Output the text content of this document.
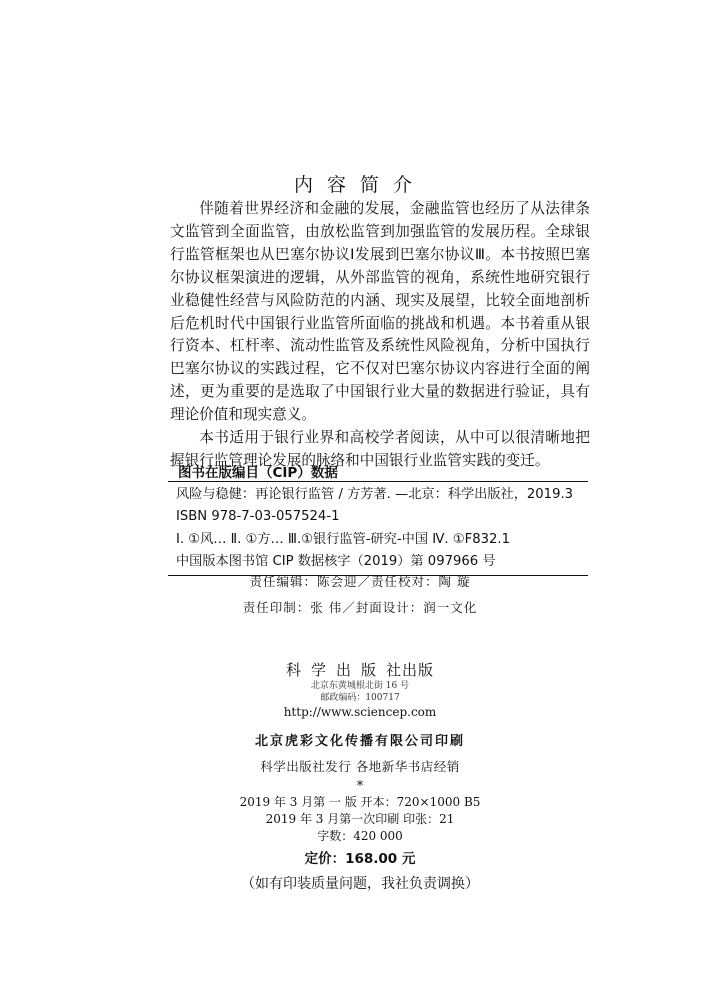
内容简介

伴随着世界经济和金融的发展，金融监管也经历了从法律条文监管到全面监管，由放松监管到加强监管的发展历程。全球银行监管框架也从巴塞尔协议Ⅰ发展到巴塞尔协议Ⅲ。本书按照巴塞尔协议框架演进的逻辑，从外部监管的视角，系统性地研究银行业稳健性经营与风险防范的内涵、现实及展望，比较全面地剖析后危机时代中国银行业监管所面临的挑战和机遇。本书着重从银行资本、杠杆率、流动性监管及系统性风险视角，分析中国执行巴塞尔协议的实践过程，它不仅对巴塞尔协议内容进行全面的阐述，更为重要的是选取了中国银行业大量的数据进行验证，具有理论价值和现实意义。

本书适用于银行业界和高校学者阅读，从中可以很清晰地把握银行监管理论发展的脉络和中国银行业监管实践的变迁。

图书在版编目（CIP）数据
风险与稳健：再论银行监管 / 方芳著. —北京：科学出版社，2019.3
ISBN 978-7-03-057524-1
Ⅰ. ①风… Ⅱ. ①方… Ⅲ.①银行监管-研究-中国 Ⅳ. ①F832.1
中国版本图书馆 CIP 数据核字（2019）第 097966 号
责任编辑：陈会迎／责任校对：陶 璇
责任印制：张 伟／封面设计：润一文化
科学出版社出版
北京东黄城根北街 16 号
邮政编码：100717
http://www.sciencep.com
北京虎彩文化传播有限公司印刷
科学出版社发行 各地新华书店经销
*
2019 年 3 月第 一 版 开本：720×1000 B5
2019 年 3 月第一次印刷 印张：21
字数：420 000
定价：168.00 元
（如有印装质量问题，我社负责调换）
